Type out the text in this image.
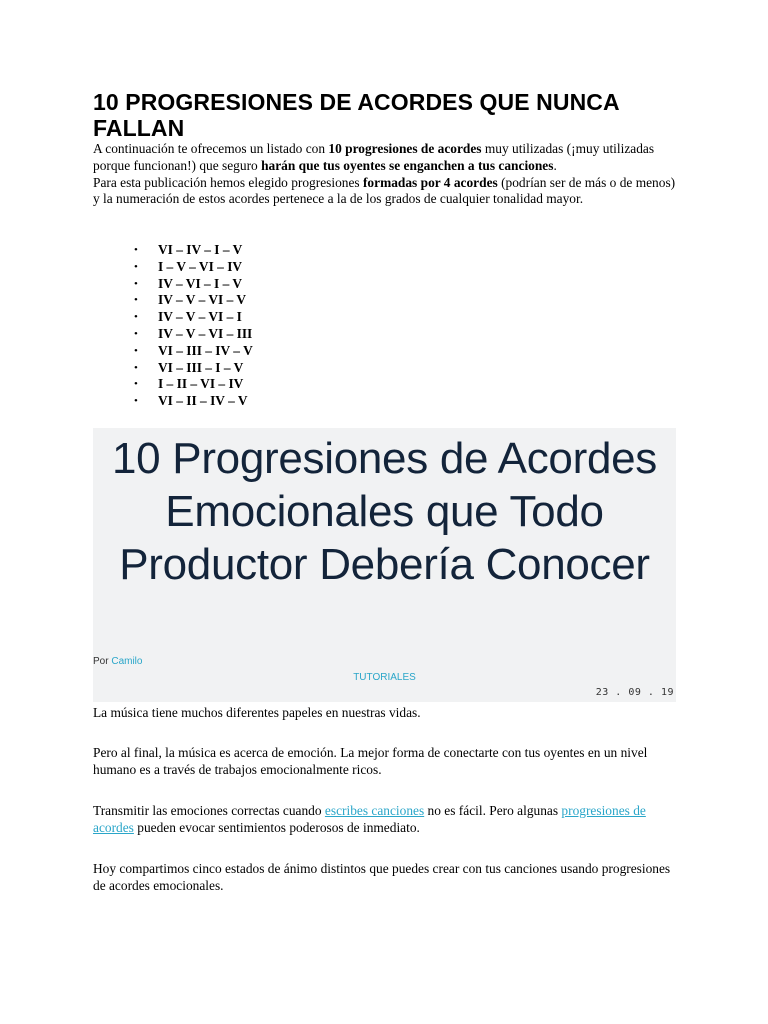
10 PROGRESIONES DE ACORDES QUE NUNCA FALLAN

A continuación te ofrecemos un listado con 10 progresiones de acordes muy utilizadas (¡muy utilizadas porque funcionan!) que seguro harán que tus oyentes se enganchen a tus canciones.

Para esta publicación hemos elegido progresiones formadas por 4 acordes (podrían ser de más o de menos) y la numeración de estos acordes pertenece a la de los grados de cualquier tonalidad mayor.

• VI – IV – I – V
• I – V – VI – IV
• IV – VI – I – V
• IV – V – VI – V
• IV – V – VI – I
• IV – V – VI – III
• VI – III – IV – V
• VI – III – I – V
• I – II – VI – IV
• VI – II – IV – V
10 Progresiones de Acordes Emocionales que Todo Productor Debería Conocer
Por Camilo
TUTORIALES
23 . 09 . 19

La música tiene muchos diferentes papeles en nuestras vidas.

Pero al final, la música es acerca de emoción. La mejor forma de conectarte con tus oyentes en un nivel humano es a través de trabajos emocionalmente ricos.

Transmitir las emociones correctas cuando escribes canciones no es fácil. Pero algunas progresiones de acordes pueden evocar sentimientos poderosos de inmediato.

Hoy compartimos cinco estados de ánimo distintos que puedes crear con tus canciones usando progresiones de acordes emocionales.
